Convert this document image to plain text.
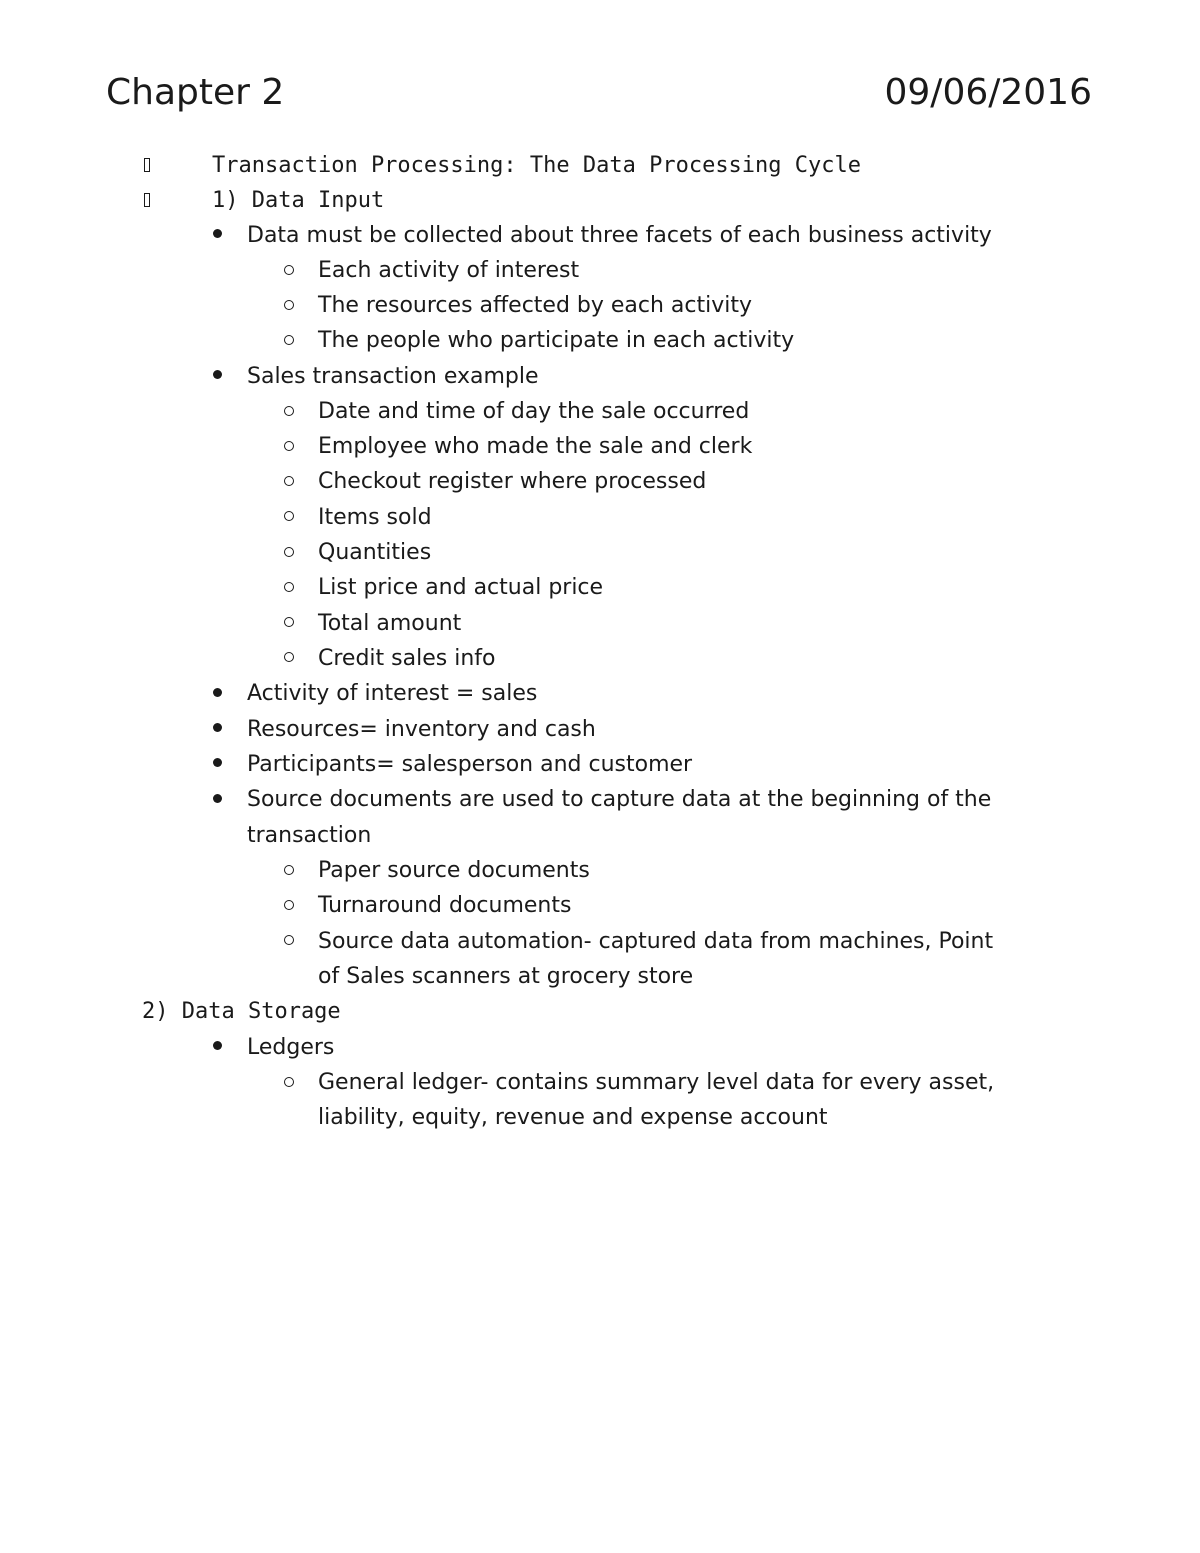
Chapter 2	09/06/2016
Transaction Processing: The Data Processing Cycle
1) Data Input
Data must be collected about three facets of each business activity
Each activity of interest
The resources affected by each activity
The people who participate in each activity
Sales transaction example
Date and time of day the sale occurred
Employee who made the sale and clerk
Checkout register where processed
Items sold
Quantities
List price and actual price
Total amount
Credit sales info
Activity of interest = sales
Resources= inventory and cash
Participants= salesperson and customer
Source documents are used to capture data at the beginning of the
transaction
Paper source documents
Turnaround documents
Source data automation- captured data from machines, Point
of Sales scanners at grocery store
2) Data Storage
Ledgers
General ledger- contains summary level data for every asset,
liability, equity, revenue and expense account
